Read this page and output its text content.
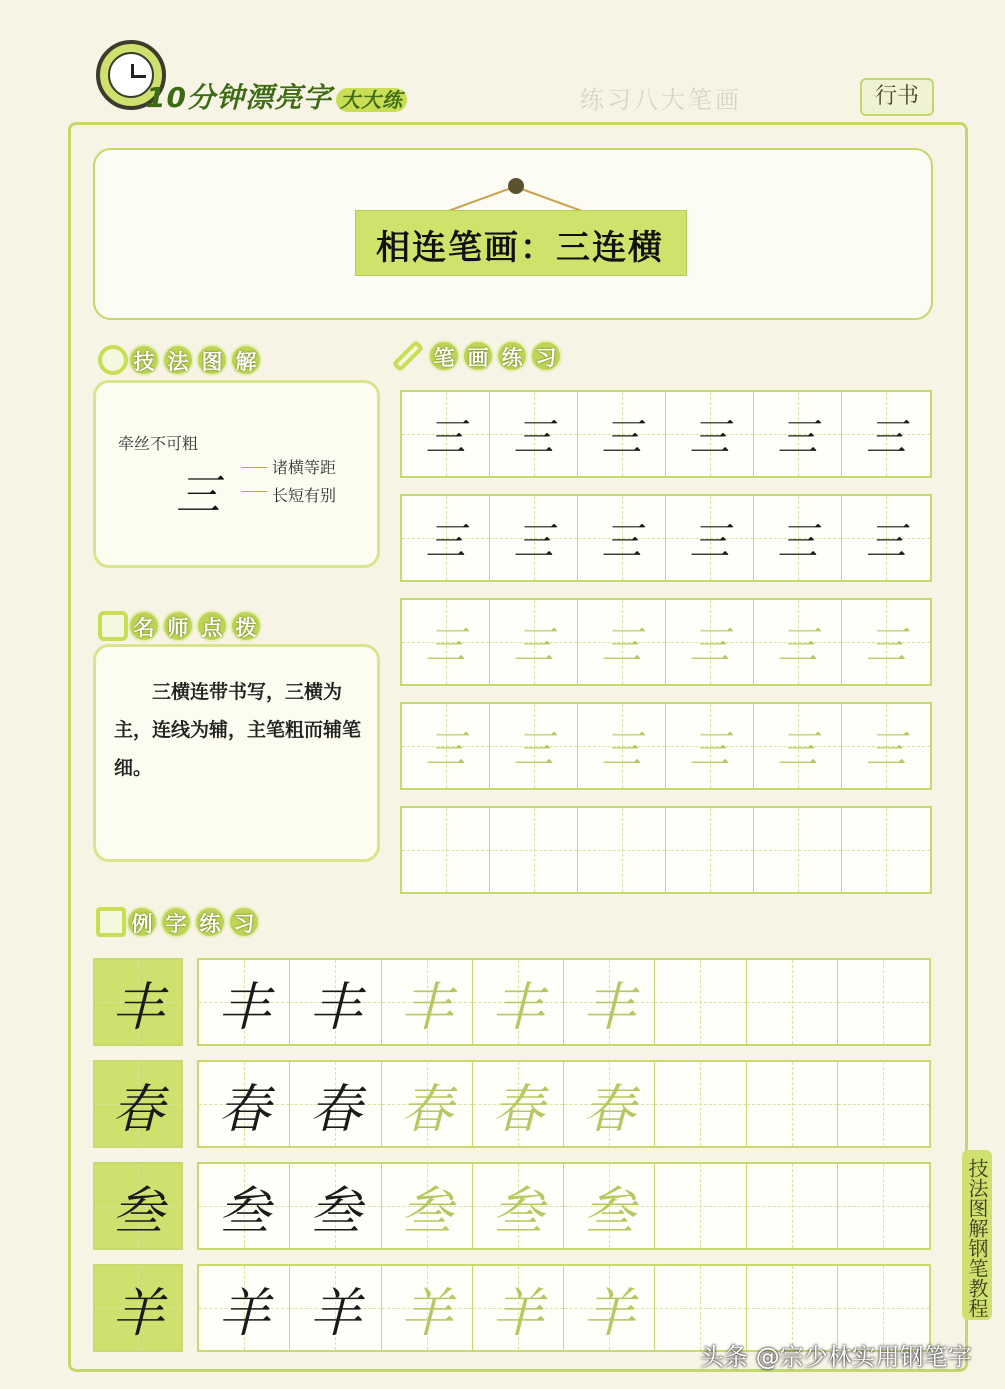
10分钟漂亮字 大大练	练习八大笔画	行书
相连笔画：三连横
技 法 图 解
牵丝不可粗
三
诸横等距
长短有别
名 师 点 拨
　　三横连带书写，三横为主，连线为辅，主笔粗而辅笔细。
笔 画 练 习
三 三 三 三 三 三
三 三 三 三 三 三
三 三 三 三 三 三
三 三 三 三 三 三
例 字 练 习
丰 丰 丰 丰 丰 丰
春 春 春 春 春 春
叁 叁 叁 叁 叁 叁
羊 羊 羊 羊 羊 羊	技法图解钢笔教程
头条 @宗少林实用钢笔字
